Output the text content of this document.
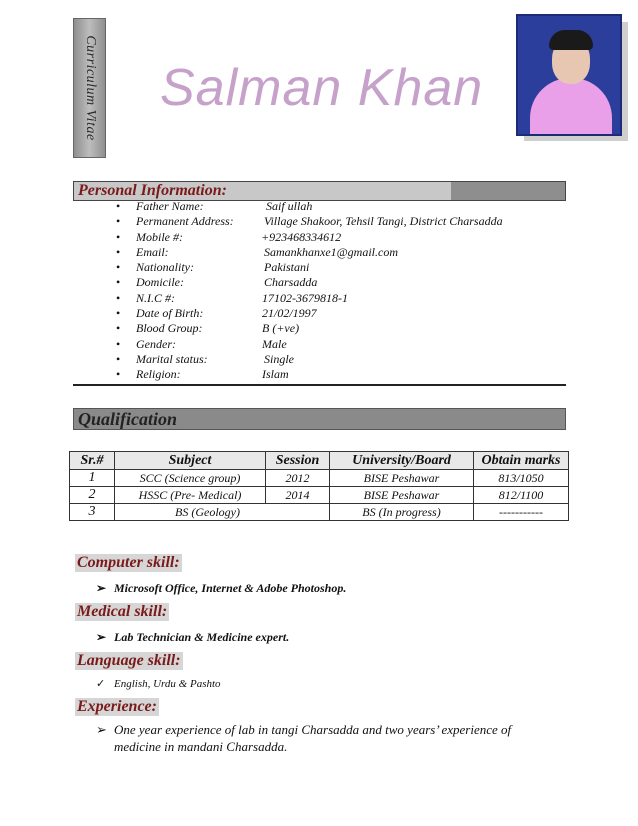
Curriculum Vitae Salman Khan
Personal Information:
Father Name:	Saif ullah
Permanent Address:	Village Shakoor, Tehsil Tangi, District Charsadda
Mobile #:	+923468334612
Email:	Samankhanxe1@gmail.com
Nationality:	Pakistani
Domicile:	Charsadda
N.I.C #:	17102-3679818-1
Date of Birth:	21/02/1997
Blood Group:	B (+ve)
Gender:	Male
Marital status:	Single
Religion:	Islam
Qualification
Sr.#	Subject	Session	University/Board	Obtain marks
1	SCC (Science group)	2012	BISE Peshawar	813/1050
2	HSSC (Pre- Medical)	2014	BISE Peshawar	812/1100
3	BS (Geology)		BS (In progress)	-----------
Computer skill:
➢ Microsoft Office, Internet & Adobe Photoshop.
Medical skill:
➢ Lab Technician & Medicine expert.
Language skill:
✓ English, Urdu & Pashto
Experience:
➢ One year experience of lab in tangi Charsadda and two years’ experience of
medicine in mandani Charsadda.
